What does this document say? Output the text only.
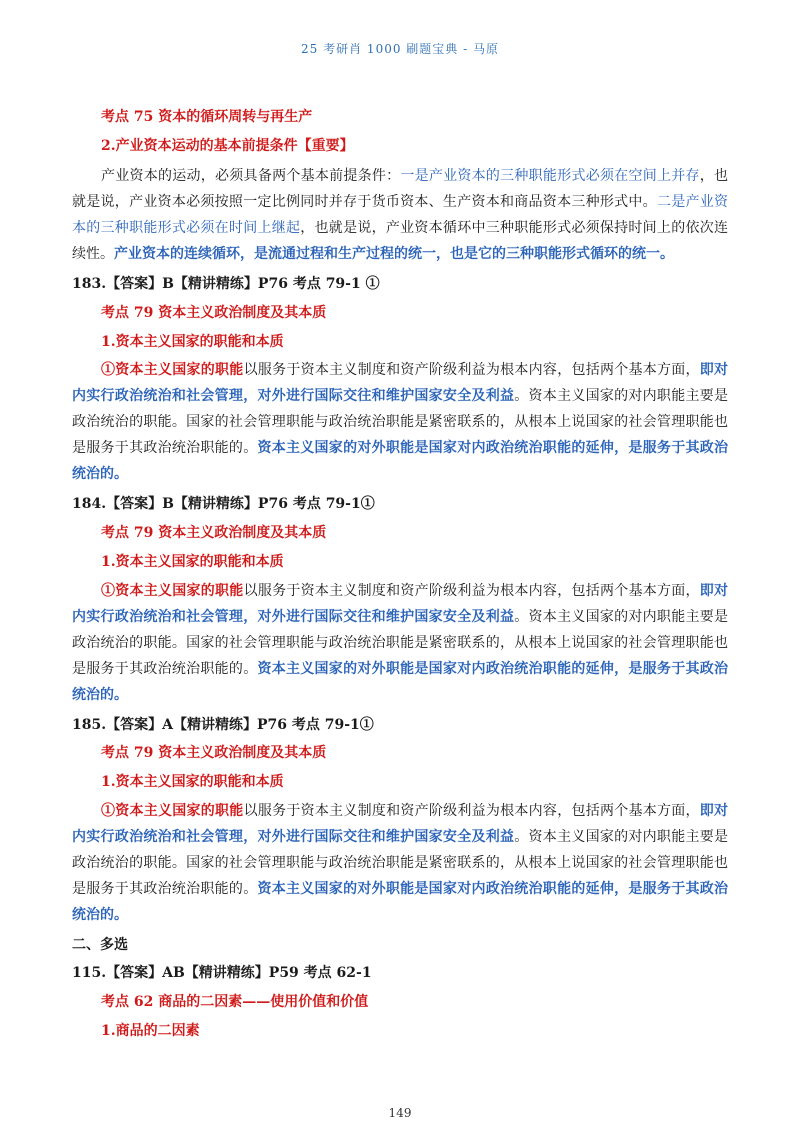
25 考研肖 1000 刷题宝典 - 马原
考点 75 资本的循环周转与再生产
2.产业资本运动的基本前提条件【重要】
产业资本的运动，必须具备两个基本前提条件：一是产业资本的三种职能形式必须在空间上并存，也就是说，产业资本必须按照一定比例同时并存于货币资本、生产资本和商品资本三种形式中。二是产业资本的三种职能形式必须在时间上继起，也就是说，产业资本循环中三种职能形式必须保持时间上的依次连续性。产业资本的连续循环，是流通过程和生产过程的统一，也是它的三种职能形式循环的统一。
183.【答案】B【精讲精练】P76 考点 79-1 ①
考点 79 资本主义政治制度及其本质
1.资本主义国家的职能和本质
①资本主义国家的职能以服务于资本主义制度和资产阶级利益为根本内容，包括两个基本方面，即对内实行政治统治和社会管理，对外进行国际交往和维护国家安全及利益。资本主义国家的对内职能主要是政治统治的职能。国家的社会管理职能与政治统治职能是紧密联系的，从根本上说国家的社会管理职能也是服务于其政治统治职能的。资本主义国家的对外职能是国家对内政治统治职能的延伸，是服务于其政治统治的。
184.【答案】B【精讲精练】P76 考点 79-1①
考点 79 资本主义政治制度及其本质
1.资本主义国家的职能和本质
①资本主义国家的职能以服务于资本主义制度和资产阶级利益为根本内容，包括两个基本方面，即对内实行政治统治和社会管理，对外进行国际交往和维护国家安全及利益。资本主义国家的对内职能主要是政治统治的职能。国家的社会管理职能与政治统治职能是紧密联系的，从根本上说国家的社会管理职能也是服务于其政治统治职能的。资本主义国家的对外职能是国家对内政治统治职能的延伸，是服务于其政治统治的。
185.【答案】A【精讲精练】P76 考点 79-1①
考点 79 资本主义政治制度及其本质
1.资本主义国家的职能和本质
①资本主义国家的职能以服务于资本主义制度和资产阶级利益为根本内容，包括两个基本方面，即对内实行政治统治和社会管理，对外进行国际交往和维护国家安全及利益。资本主义国家的对内职能主要是政治统治的职能。国家的社会管理职能与政治统治职能是紧密联系的，从根本上说国家的社会管理职能也是服务于其政治统治职能的。资本主义国家的对外职能是国家对内政治统治职能的延伸，是服务于其政治统治的。
二、多选
115.【答案】AB【精讲精练】P59 考点 62-1
考点 62 商品的二因素——使用价值和价值
1.商品的二因素
149
